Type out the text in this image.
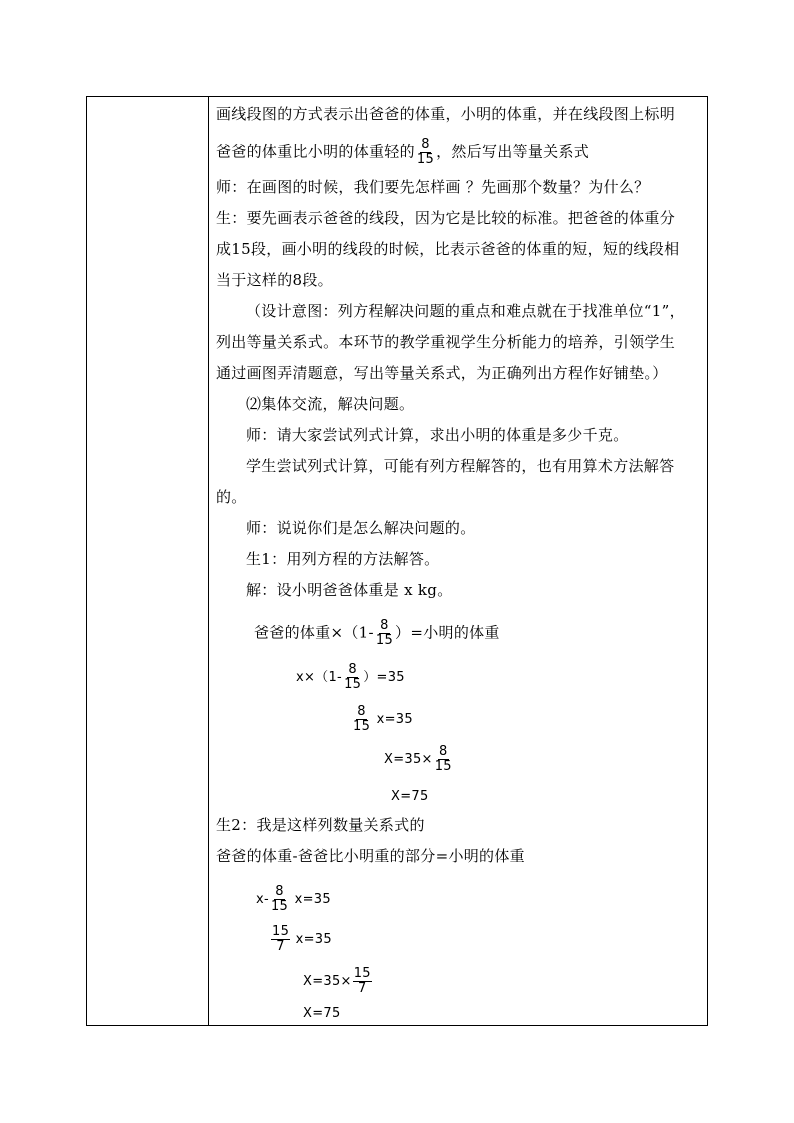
画线段图的方式表示出爸爸的体重，小明的体重，并在线段图上标明
爸爸的体重比小明的体重轻的 $\frac{8}{15}$ ，然后写出等量关系式
师：在画图的时候，我们要先怎样画 ？先画那个数量？为什么？
生：要先画表示爸爸的线段，因为它是比较的标准。把爸爸的体重分
成15段，画小明的线段的时候，比表示爸爸的体重的短，短的线段相
当于这样的8段。
（设计意图：列方程解决问题的重点和难点就在于找准单位“1”，
列出等量关系式。本环节的教学重视学生分析能力的培养，引领学生
通过画图弄清题意，写出等量关系式，为正确列出方程作好铺垫。）
⑵集体交流，解决问题。
师：请大家尝试列式计算，求出小明的体重是多少千克。
学生尝试列式计算，可能有列方程解答的，也有用算术方法解答
的。
师：说说你们是怎么解决问题的。
生1：用列方程的方法解答。
解：设小明爸爸体重是 x kg。
爸爸的体重$\times(1- \frac{8}{15}$ ）=小明的体重
$x\times(1- \frac{8}{15} )=35$
$\frac{8}{15} x=35$
$X=35\times \frac{8}{15}$
X=75
生2：我是这样列数量关系式的
爸爸的体重-爸爸比小明重的部分=小明的体重
$x- \frac{8}{15} x=35$
$\frac{15}{7} x=35$
$X=35\times \frac{15}{7}$
X=75
